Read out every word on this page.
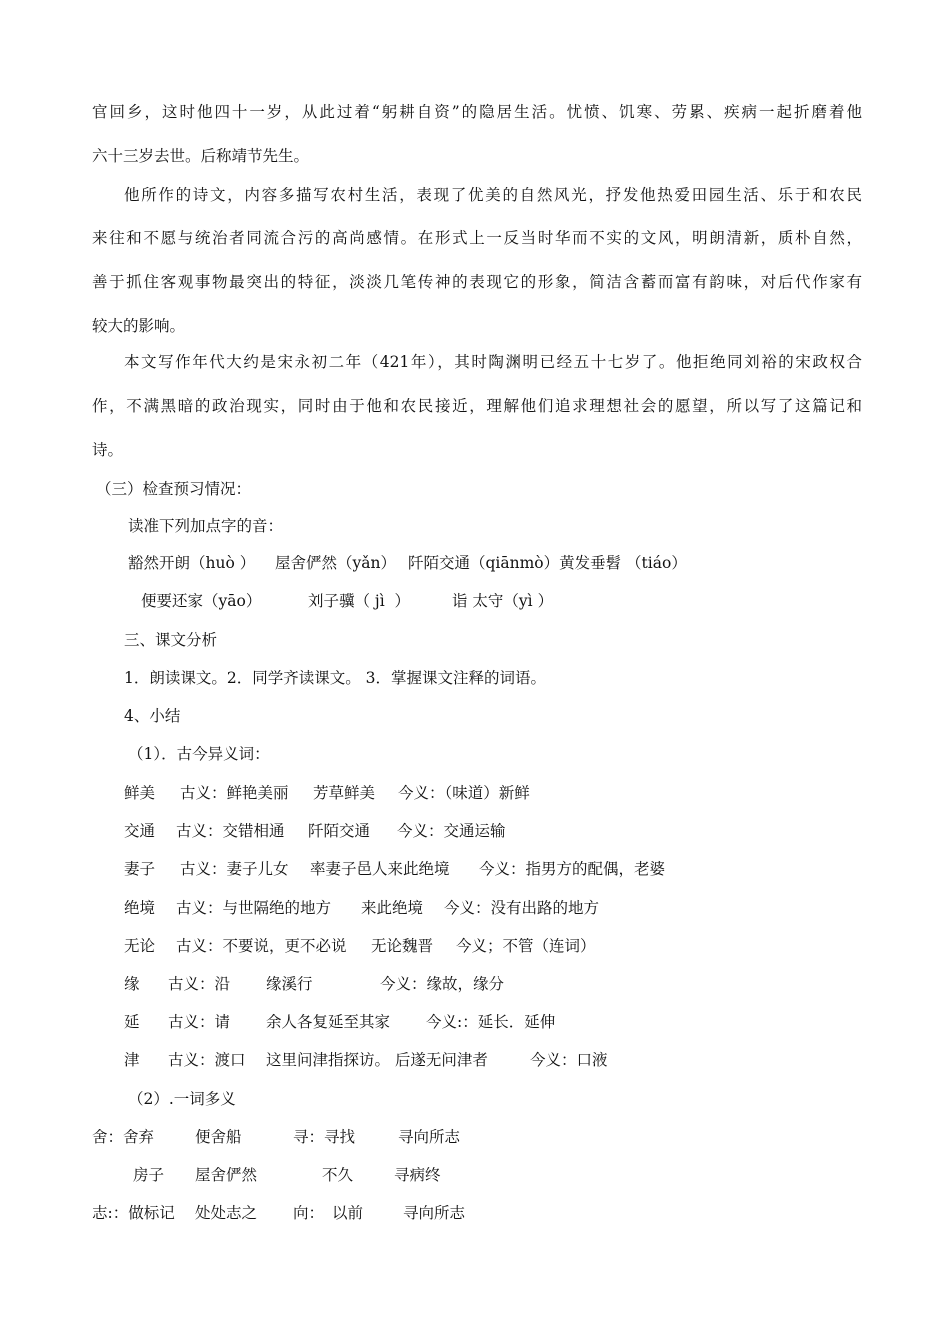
官回乡，这时他四十一岁，从此过着“躬耕自资”的隐居生活。忧愤、饥寒、劳累、疾病一起折磨着他
六十三岁去世。后称靖节先生。
他所作的诗文，内容多描写农村生活，表现了优美的自然风光，抒发他热爱田园生活、乐于和农民
来往和不愿与统治者同流合污的高尚感情。在形式上一反当时华而不实的文风，明朗清新，质朴自然，
善于抓住客观事物最突出的特征，淡淡几笔传神的表现它的形象，简洁含蓄而富有韵味，对后代作家有
较大的影响。
本文写作年代大约是宋永初二年（421年），其时陶渊明已经五十七岁了。他拒绝同刘裕的宋政权合
作，不满黑暗的政治现实，同时由于他和农民接近，理解他们追求理想社会的愿望，所以写了这篇记和
诗。
（三）检查预习情况：
读准下列加点字的音：
豁然开朗（huò ） 屋舍俨然（yǎn） 阡陌交通（qiānmò）黄发垂髫 （tiáo）
便要还家（yāo）	刘子骥（ jì  ）	诣 太守（yì ）
三、课文分析
1．朗读课文。2．同学齐读课文。 3．掌握课文注释的词语。
4、小结
（1）．古今异义词：
鲜美 古义：鲜艳美丽 芳草鲜美 今义：（味道）新鲜
交通 古义：交错相通 阡陌交通 今义：交通运输
妻子 古义：妻子儿女 率妻子邑人来此绝境 今义：指男方的配偶，老婆
绝境 古义：与世隔绝的地方 来此绝境 今义：没有出路的地方
无论 古义：不要说，更不必说 无论魏晋 今义；不管（连词）
缘 古义：沿 缘溪行	今义：缘故，缘分
延 古义：请 余人各复延至其家 今义:：延长．延伸
津 古义：渡口 这里问津指探访。 后遂无问津者	今义：口液
（2）.一词多义
舍：舍弃	便舍船	寻：寻找	寻向所志
房子 屋舍俨然	不久	寻病终
志:：做标记 处处志之 向： 以前	寻向所志
